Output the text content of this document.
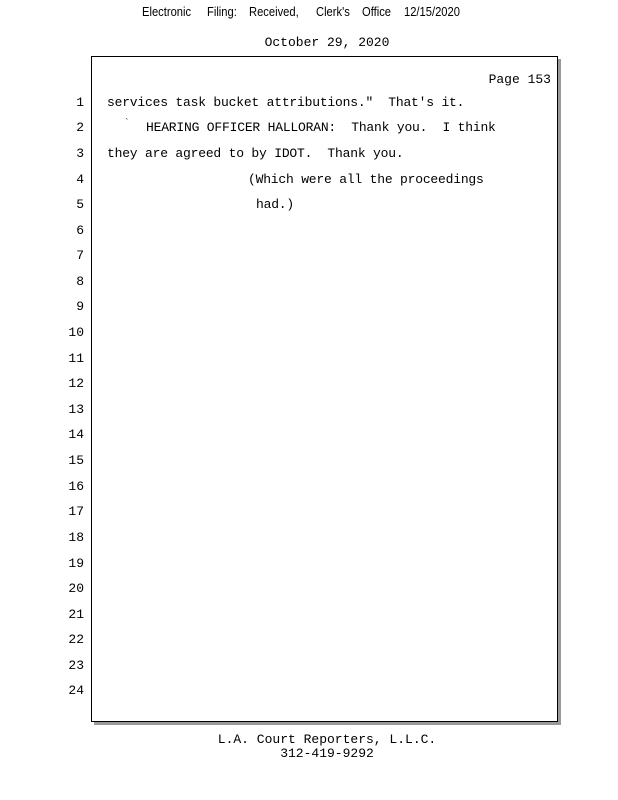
Electronic Filing: Received, Clerk's Office 12/15/2020
October 29, 2020
Page 153
1
2
3
4
5
6
7
8
9
10
11
12
13
14
15
16
17
18
19
20
21
22
23
24
services task bucket attributions."  That's it.
` HEARING OFFICER HALLORAN:  Thank you.  I think
they are agreed to by IDOT.  Thank you.
(Which were all the proceedings
had.)
L.A. Court Reporters, L.L.C.
312-419-9292
